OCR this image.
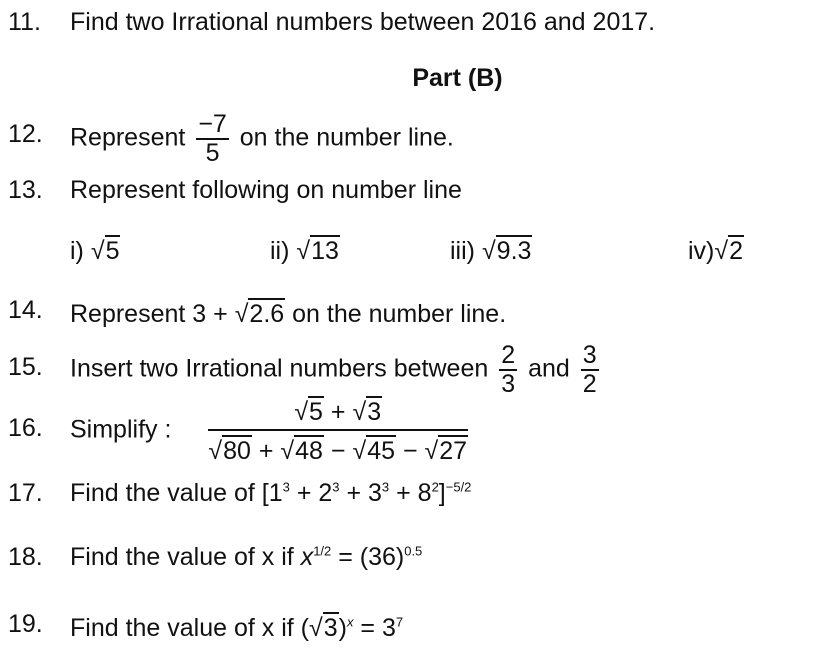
11. Find two Irrational numbers between 2016 and 2017.
Part (B)
12. Represent $\frac{-7}{5}$ on the number line.
13. Represent following on number line
i) √5	ii) √13	iii) √9.3	iv)√2
14. Represent 3 + √2.6 on the number line.
15. Insert two Irrational numbers between $\frac{2}{3}$ and $\frac{3}{2}$
16. Simplify :
√5 + √3
√80 + √48 − √45 − √27
17. Find the value of $[1^3 + 2^3 + 3^3 + 8^2]^{-5/2}$
18. Find the value of x if $x^{1/2} = (36)^{0.5}$
19. Find the value of x if $(√3)^x = 3^7$
